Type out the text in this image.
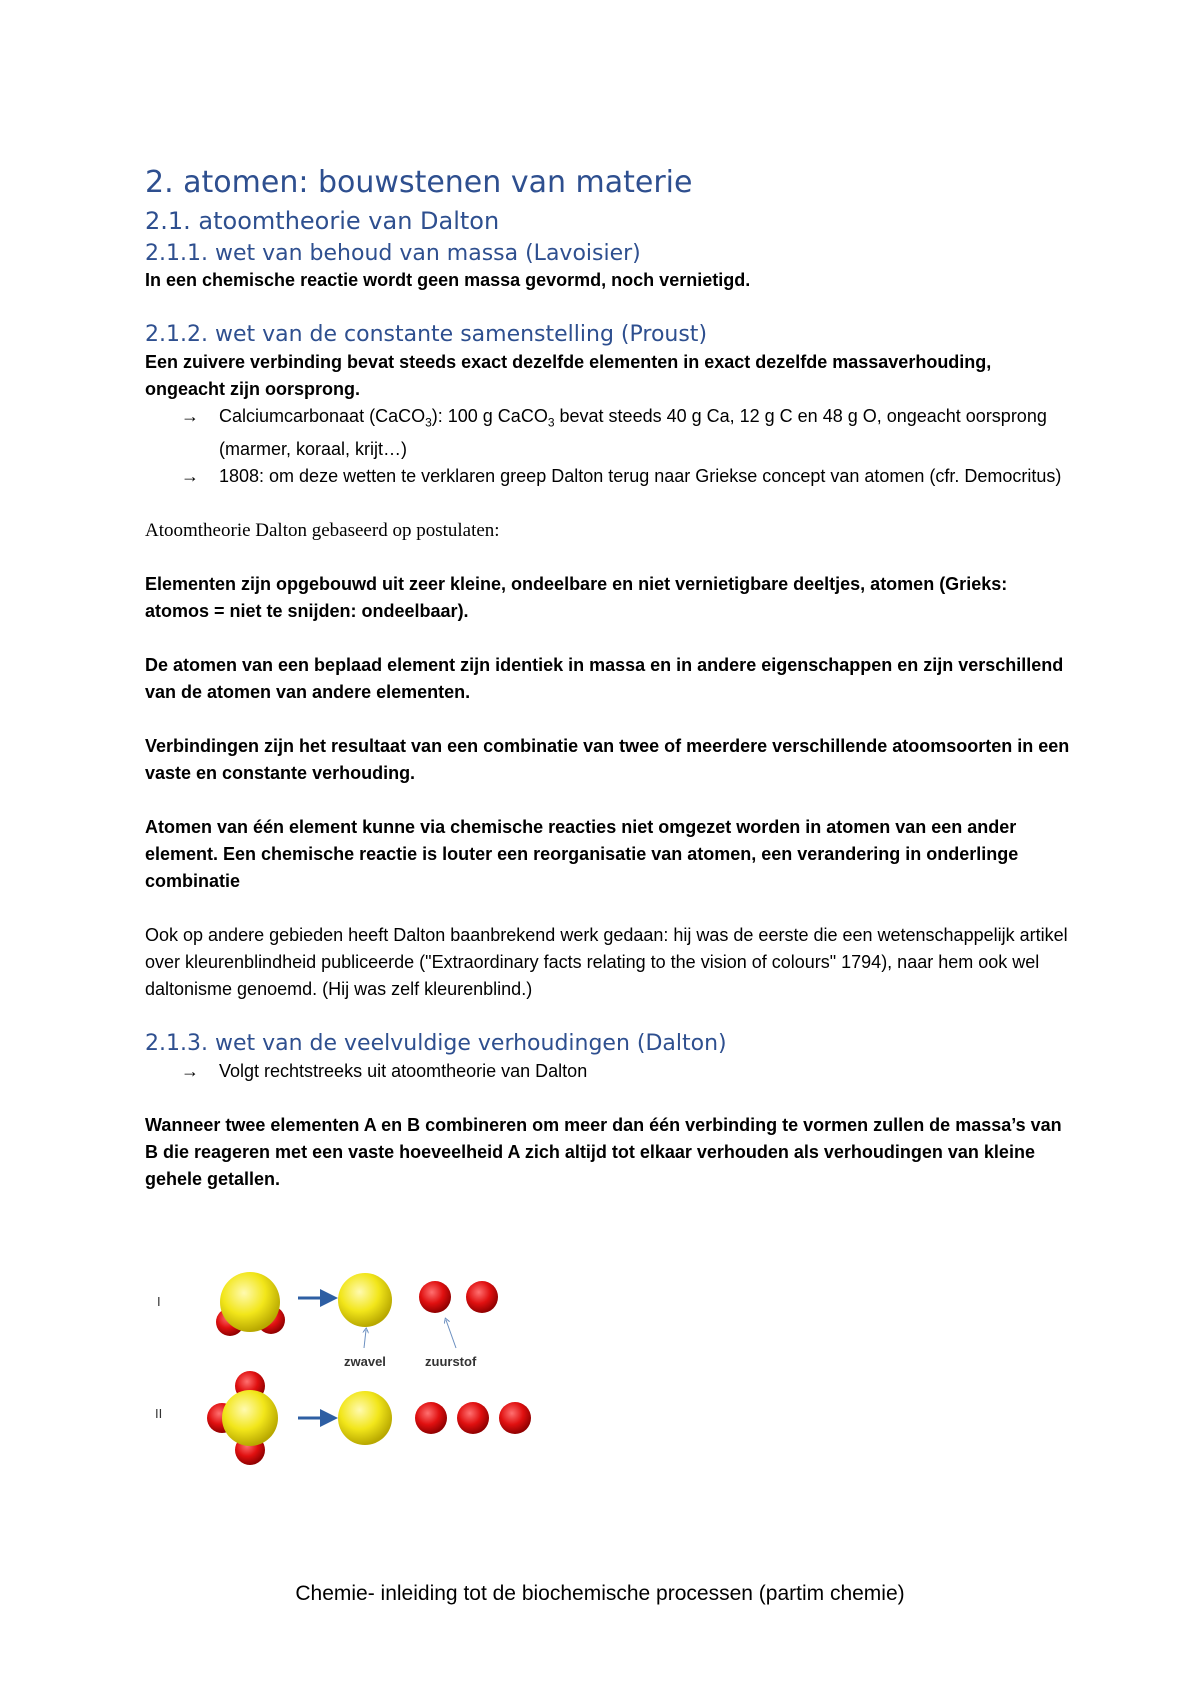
2. atomen: bouwstenen van materie
2.1. atoomtheorie van Dalton
2.1.1. wet van behoud van massa (Lavoisier)

In een chemische reactie wordt geen massa gevormd, noch vernietigd.

2.1.2. wet van de constante samenstelling (Proust)

Een zuivere verbinding bevat steeds exact dezelfde elementen in exact dezelfde massaverhouding, ongeacht zijn oorsprong.

→ Calciumcarbonaat (CaCO$_3$): 100 g CaCO$_3$ bevat steeds 40 g Ca, 12 g C en 48 g O, ongeacht oorsprong (marmer, koraal, krijt…)
→ 1808: om deze wetten te verklaren greep Dalton terug naar Griekse concept van atomen (cfr. Democritus)

Atoomtheorie Dalton gebaseerd op postulaten:

Elementen zijn opgebouwd uit zeer kleine, ondeelbare en niet vernietigbare deeltjes, atomen (Grieks: atomos = niet te snijden: ondeelbaar).

De atomen van een beplaad element zijn identiek in massa en in andere eigenschappen en zijn verschillend van de atomen van andere elementen.

Verbindingen zijn het resultaat van een combinatie van twee of meerdere verschillende atoomsoorten in een vaste en constante verhouding.

Atomen van één element kunne via chemische reacties niet omgezet worden in atomen van een ander element. Een chemische reactie is louter een reorganisatie van atomen, een verandering in onderlinge combinatie

Ook op andere gebieden heeft Dalton baanbrekend werk gedaan: hij was de eerste die een wetenschappelijk artikel over kleurenblindheid publiceerde ("Extraordinary facts relating to the vision of colours" 1794), naar hem ook wel daltonisme genoemd. (Hij was zelf kleurenblind.)

2.1.3. wet van de veelvuldige verhoudingen (Dalton)
→ Volgt rechtstreeks uit atoomtheorie van Dalton

Wanneer twee elementen A en B combineren om meer dan één verbinding te vormen zullen de massa’s van B die reageren met een vaste hoeveelheid A zich altijd tot elkaar verhouden als verhoudingen van kleine gehele getallen.

I
zwavel	zuurstof
II
Chemie- inleiding tot de biochemische processen (partim chemie)
